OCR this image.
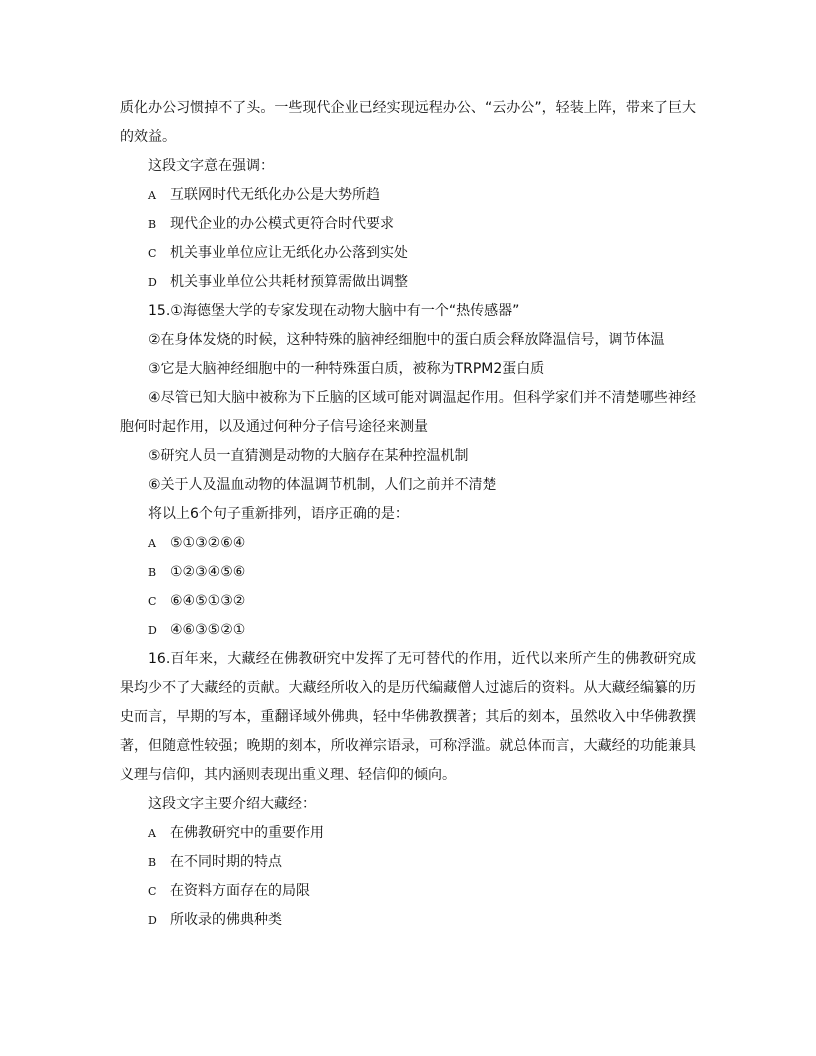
质化办公习惯掉不了头。一些现代企业已经实现远程办公、“云办公”，轻装上阵，带来了巨大的效益。

这段文字意在强调：

A 互联网时代无纸化办公是大势所趋

B 现代企业的办公模式更符合时代要求

C 机关事业单位应让无纸化办公落到实处

D 机关事业单位公共耗材预算需做出调整

15.①海德堡大学的专家发现在动物大脑中有一个“热传感器”

②在身体发烧的时候，这种特殊的脑神经细胞中的蛋白质会释放降温信号，调节体温

③它是大脑神经细胞中的一种特殊蛋白质，被称为TRPM2蛋白质

④尽管已知大脑中被称为下丘脑的区域可能对调温起作用。但科学家们并不清楚哪些神经胞何时起作用，以及通过何种分子信号途径来测量

⑤研究人员一直猜测是动物的大脑存在某种控温机制

⑥关于人及温血动物的体温调节机制，人们之前并不清楚

将以上6个句子重新排列，语序正确的是：

A ⑤①③②⑥④

B ①②③④⑤⑥

C ⑥④⑤①③②

D ④⑥③⑤②①

16.百年来，大藏经在佛教研究中发挥了无可替代的作用，近代以来所产生的佛教研究成果均少不了大藏经的贡献。大藏经所收入的是历代编藏僧人过滤后的资料。从大藏经编纂的历史而言，早期的写本，重翻译域外佛典，轻中华佛教撰著；其后的刻本，虽然收入中华佛教撰著，但随意性较强；晚期的刻本，所收禅宗语录，可称浮滥。就总体而言，大藏经的功能兼具义理与信仰，其内涵则表现出重义理、轻信仰的倾向。

这段文字主要介绍大藏经：

A 在佛教研究中的重要作用

B 在不同时期的特点

C 在资料方面存在的局限

D 所收录的佛典种类
